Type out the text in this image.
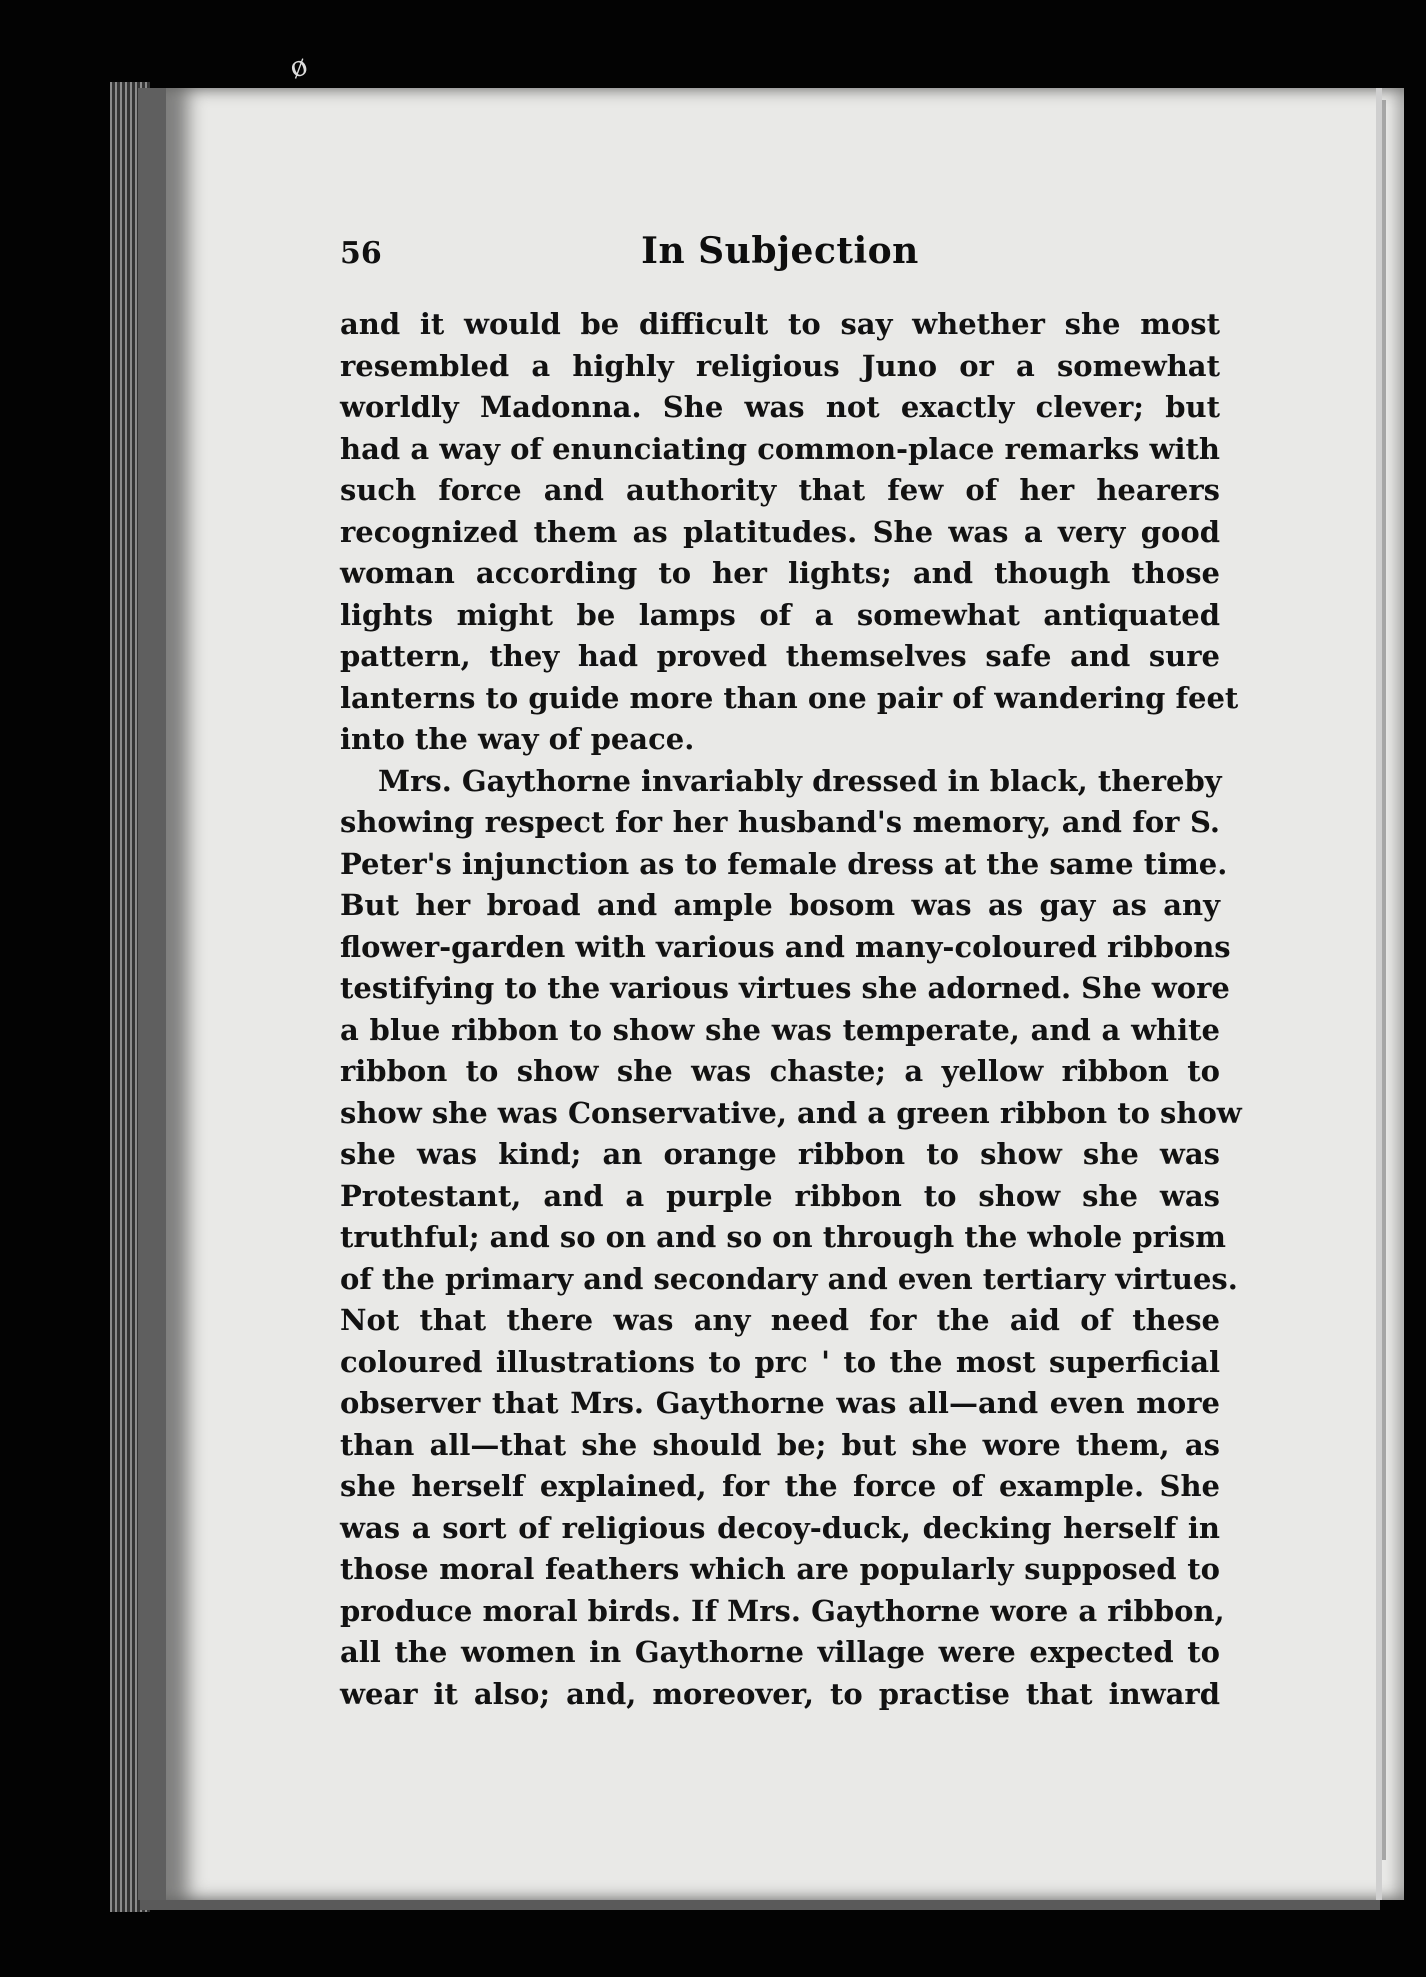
ø
56	In Subjection
and it would be difficult to say whether she most
resembled a highly religious Juno or a somewhat
worldly Madonna. She was not exactly clever; but
had a way of enunciating common-place remarks with
such force and authority that few of her hearers
recognized them as platitudes. She was a very good
woman according to her lights; and though those
lights might be lamps of a somewhat antiquated
pattern, they had proved themselves safe and sure
lanterns to guide more than one pair of wandering feet
into the way of peace.
Mrs. Gaythorne invariably dressed in black, thereby
showing respect for her husband's memory, and for S.
Peter's injunction as to female dress at the same time.
But her broad and ample bosom was as gay as any
flower-garden with various and many-coloured ribbons
testifying to the various virtues she adorned. She wore
a blue ribbon to show she was temperate, and a white
ribbon to show she was chaste; a yellow ribbon to
show she was Conservative, and a green ribbon to show
she was kind; an orange ribbon to show she was
Protestant, and a purple ribbon to show she was
truthful; and so on and so on through the whole prism
of the primary and secondary and even tertiary virtues.
Not that there was any need for the aid of these
coloured illustrations to prc ' to the most superficial
observer that Mrs. Gaythorne was all—and even more
than all—that she should be; but she wore them, as
she herself explained, for the force of example. She
was a sort of religious decoy-duck, decking herself in
those moral feathers which are popularly supposed to
produce moral birds. If Mrs. Gaythorne wore a ribbon,
all the women in Gaythorne village were expected to
wear it also; and, moreover, to practise that inward
